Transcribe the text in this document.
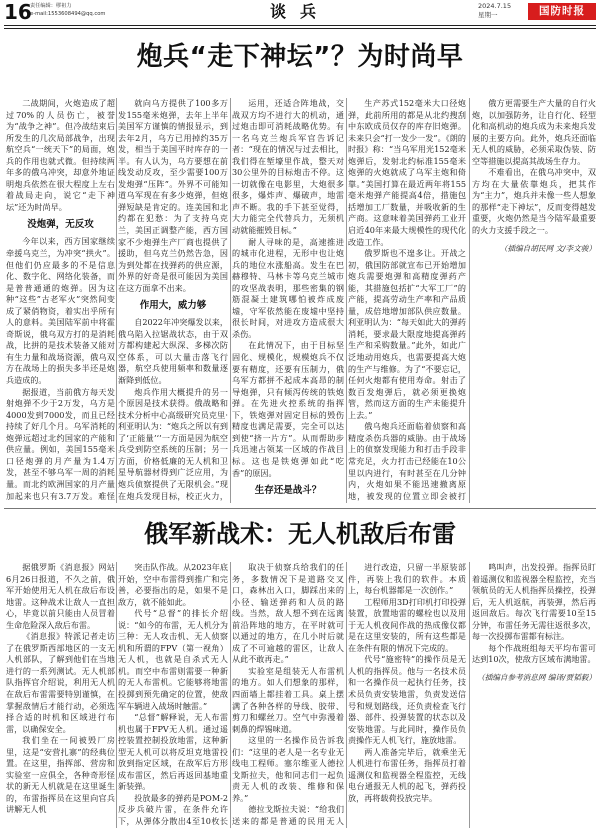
16
责任编辑：缪祖力
e-mail:1553608494@qq.com	谈兵	2024.7.15
星期一	国防时报
炮兵“走下神坛”？为时尚早

二战期间，火炮造成了超过70%的人员伤亡，被誉为“战争之神”。但冷战结束后所发生的几次局部战争，出现航空兵“一统天下”的局面，炮兵的作用也就式微。但持续两年多的俄乌冲突，却意外地证明炮兵依然在很大程度上左右着战局走向，说它“走下神坛”还为时尚早。

没炮弹，无反攻

今年以来，西方国家继续牵援乌克兰，为冲突“拱火”。但他们仍应最多的不是信息化、数字化、网络化装备，而是普普通通的炮弹。因为这种“这些”古老军火”突然间变成了紧俏物资，着实出乎所有人的意料。美国陆军前中将霍奇斯说，俄乌双方打的是消耗战，比拼的是技术装备又能对有生力量和战场资源，俄乌双方在战场上的损失多半还是炮兵造成的。

据报道，当前俄方每天发射炮弹不少于2万发，乌方是4000发到7000发，而且已经持续了好几个月。乌军消耗的炮弹远超过北约国家的产能和供应量。例如，美国155毫米口径炮弹的月产量为1.4万发，甚至不够乌军一周的消耗量。而北约欧洲国家的月产量加起来也只有3.7万发。难怪

就向乌方提供了100多万发155毫米炮弹，去年上半年美国军方谨慎的情报显示，到去年2月，乌方已用掉约35万发，相当于美国平时库存的一半。有人认为，乌方要想在前线发动反攻，至少需要100万发炮弹“压阵”。外界不可能知道乌军现在有多少炮弹，但炮弹短缺是肯定的。连美国和北约都在犯愁：为了支持乌克兰，美国正调整产能，西方国家不少炮弹生产厂商也提供了援助，但乌克兰仍然告急，因为到处都在找弹药的供应源，外界的好奇是很可能因为美国在这方面拿不出来。

作用大，威力够

自2022年冲突爆发以来，俄乌陷入拉锯战状态，由于双方都构建起大纵深、多梯次防空体系，可以大量击落飞行器，航空兵使用频率和数量逐渐降到低位。

炮兵作用大概提升的另一个原因是技术获得。俄战略和技术分析中心高级研究员克里·利亚明认为：“炮兵之所以有到了‘正能量’‘’一方面是因为航空兵受到防空系统的压制；另一方面，价格低廉的无人机和卫星导航器材得到广泛应用，为炮兵侦察提供了无限机会。”现在炮兵发现目标，校正火力，

运用，还适合阵地战，交战双方均不进行大的机动，通过炮击即可消耗战略优势。有一名乌克兰炮兵军官告诉记者：“现在的情况与过去相比，我们得在堑壕里作战，整天对30公里外的目标炮击不停。这一切就像在电影里，大炮很多很多，爆炸声、爆破声，地雷声不断。我的手下甚至觉得，大力能完全代替兵力，无须机动就能摧毁目标。”

耐人寻味的是，高速推进的城市化进程，无形中也让炮兵的地位水涨船高。发生在巴赫穆特、马林卡等乌克兰城市的攻坚战表明，那些密集的钢筋混凝土建筑哪怕被炸成废墟，守军依然能在废墟中坚持很长时间，对进攻方造成很大杀伤。

在此情况下，由于目标坚固化、规模化，规模炮兵不仅要有精度，还要有压制力，俄乌军方都拼不起成本高昂的制导炮弹，只有倾泻传统的铁炮弹。在先进火控系统的指挥下，铁炮弹对固定目标的毁伤精度也满足需要，完全可以达到使“挤一片方”。从而帮助步兵迅速占领某一区域的作战目标。这也是铁炮弹如此“吃香”的原因。

生存还是战斗？

生产苏式152毫米大口径炮弹，此前所用的都是从北约搜刮中东欧成员仅存的库存旧炮弹。未来只会“打一发少一发”。《朗的时报》称：“当乌军用光152毫米炮弹后，发射北约标准155毫米炮弹的火炮就成了乌军主炮和倚靠。”美国打算在最近两年将155毫米炮弹产能提高4倍，措施包括增加工厂数量，并吸收新的生产商。这意味着美国弹药工业开启近40年来最大规模性的现代化改造工作。

俄罗斯也不遑多让。开战之初，俄国防部就宣布已开始增加炮兵需要炮弹和高精度弹药产能，其措施包括扩“大军工厂”的产能，提高劳动生产率和产品质量，成倍地增加部队供应数量。利亚明认为：“每天如此大的弹药消耗，要求最大限度地提高弹药生产和采购数量。”此外，如此广泛地动用炮兵，也需要提高大炮的生产与维修。为了“不要忘记，任何火炮都有使用寿命。射击了数百发炮弹后，就必须更换炮管，然而这方面的生产未能提升上去。”

俄乌炮兵还面临着侦察和高精度杀伤兵器的威胁。由于战场上的侦察发现能力和打击手段非常充足，火力打击已经能在10公里以内进行，有时甚至在几分钟内，火炮如果不能迅速撤离原地，被发现的位置立即会被打

俄方更需要生产大量的自行火炮，以加强防务，让自行化、轻型化和高机动的炮兵成为未来炮兵发展的主要方向。此外，炮兵还面临无人机的威胁，必须采取伪装、防空等措施以提高其战场生存力。

不难看出，在俄乌冲突中，双方均在大量依靠炮兵，把其作为“主力”，炮兵并未像一些人想象的那样“走下神坛”，反而变得越发重要，火炮仍然是当今陆军最重要的火力支援手段之一。

（插编自胡民网 文/李文骏）

俄军新战术：无人机敌后布雷

据俄罗斯《消息报》网站6月26日报道，不久之前，俄军开始使用无人机在敌后布设地雷。这种战术让敌人一直担心，毕竟以前只能由人员冒着生命危险深入敌后布雷。

《消息报》特派记者走访了在俄罗斯西部地区的一支无人机部队，了解到他们在当地进行的一系列测试。无人机部队指挥官介绍说，利用无人机在敌后布雷需要特别谨慎，在掌握敌情后才能行动，必须选择合适的时机和区域进行布雷，以确保安全。

我们坐在一间被毁厂房里，这是“安营扎寨”的经典位置。在这里，指挥部、营房和实验室一应俱全，各种奇形怪状的新无人机就是在这里诞生的，布雷指挥员在这里向官兵讲解无人机

突击队作战。从2023年底开始，空中布雷得到推广和完善，必要指出的是，如果不是敌方，就不能如此。

代号“总督”的排长介绍说：“如今的布雷，无人机分为三种：无人攻击机、无人侦察机和所谓的FPV（第一视角）无人机，也就是自杀式无人机。而空中布雷则需要一种新的无人布雷机。它能够将地雷投掷到预先确定的位置，使敌军车辆进入战场时触雷。”

“总督”解释说，无人布雷机也属于FPV无人机。通过遥控装置控制投放地雷，这种新型无人机可以将反坦克地雷投放到指定区域，在敌军后方形成布雷区，然后再返回基地重新装弹。

投放最多的弹药是POM-2反步兵破片雷，在条件允许下，从弹体分散出4至10枚长

取决于侦察兵给我们的任务，多数情况下是道路交叉口，森林出入口，脚踩出来的小径、输送弹药和人员的路线。当然，敌人想不到在远离前沿阵地的地方，在平时就可以通过的地方，在几小时后就成了不可逾越的雷区，让敌人从此不敢再走。”

实验室是组装无人布雷机的地方。如人们想象的那样，四面墙上都挂着工具。桌上摆满了各种各样的导线、胶带、剪刀和螺丝刀。空气中弥漫着刺鼻的焊锡味道。

这里的一名操作员告诉我们：“这里的老人是一名专业无线电工程师。塞尔维亚人德拉戈斯拉夫，他和同志们一起负责无人机的改装、维修和保养。”

德拉戈斯拉夫说：“给我们送来的都是普通的民用无人

进行改造，只留一半原装部件，再装上我们的软件。本质上，每台机器都是一次创作。”

工程师用3D打印机打印投弹装置，放置地雷的螺栓也以及用于无人机夜间作战的热成像仪都是在这里安装的，所有这些都是在条件有限的情况下完成的。

代号“施密特”的操作员是无人机的指挥员。他与一名技术员和一名操作员一起执行任务，技术员负责安装地雷，负责发送信号和规划路线，还负责检查飞行器、部件、投弹装置的状态以及安装地雷。与此同时，操作员负责操作无人机飞行，施放地雷。

两人准备完毕后，就乘坐无人机进行布雷任务，指挥员打着遥测仪和监视器全程监控，无线电台通报无人机的起飞，弹药投放，再将载荷投放完毕。

鸣叫声，出发投弹。指挥员盯着遥测仪和监视器全程监控，充当领航员的无人机指挥员操控，投弹后，无人机返航，再装弹，然后再返回敌后。每次飞行需要10至15分钟，布雷任务无需往返很多次，每一次投掷布雷都有标注。

每个作战班组每天平均布雷可达到10次，使敌方区域布满地雷。

（插编自参考消息网 编译/贾韬毅）
